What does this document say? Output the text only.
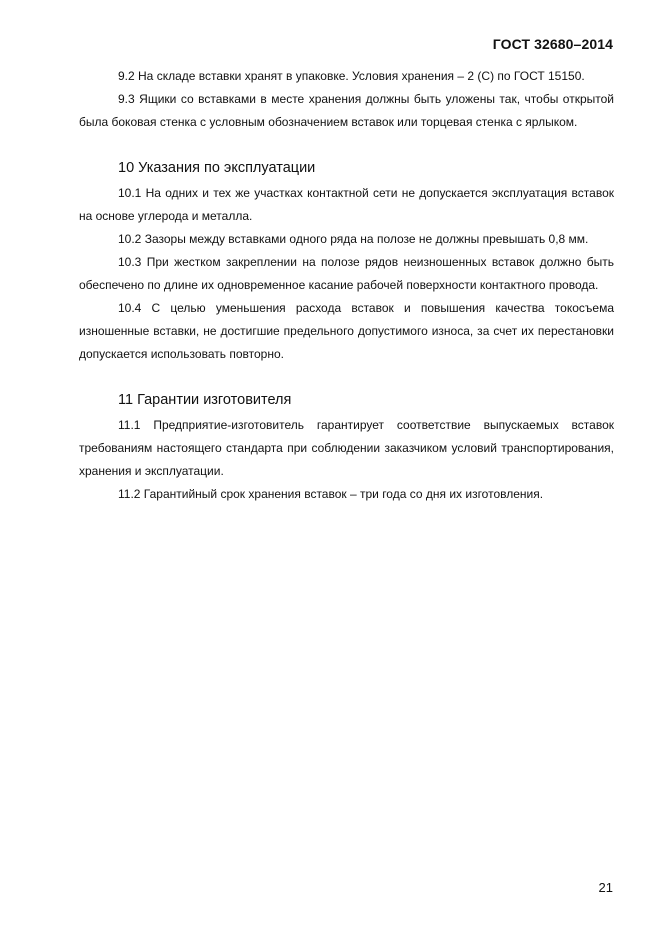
ГОСТ 32680–2014

9.2 На складе вставки хранят в упаковке. Условия хранения – 2 (С) по ГОСТ 15150.

9.3 Ящики со вставками в месте хранения должны быть уложены так, чтобы открытой была боковая стенка с условным обозначением вставок или торцевая стенка с ярлыком.

10 Указания по эксплуатации

10.1 На одних и тех же участках контактной сети не допускается эксплуатация вставок на основе углерода и металла.

10.2 Зазоры между вставками одного ряда на полозе не должны превышать 0,8 мм.

10.3 При жестком закреплении на полозе рядов неизношенных вставок должно быть обеспечено по длине их одновременное касание рабочей поверхности контактного провода.

10.4 С целью уменьшения расхода вставок и повышения качества токосъема изношенные вставки, не достигшие предельного допустимого износа, за счет их перестановки допускается использовать повторно.

11 Гарантии изготовителя

11.1 Предприятие-изготовитель гарантирует соответствие выпускаемых вставок требованиям настоящего стандарта при соблюдении заказчиком условий транспортирования, хранения и эксплуатации.

11.2 Гарантийный срок хранения вставок – три года со дня их изготовления.

21
